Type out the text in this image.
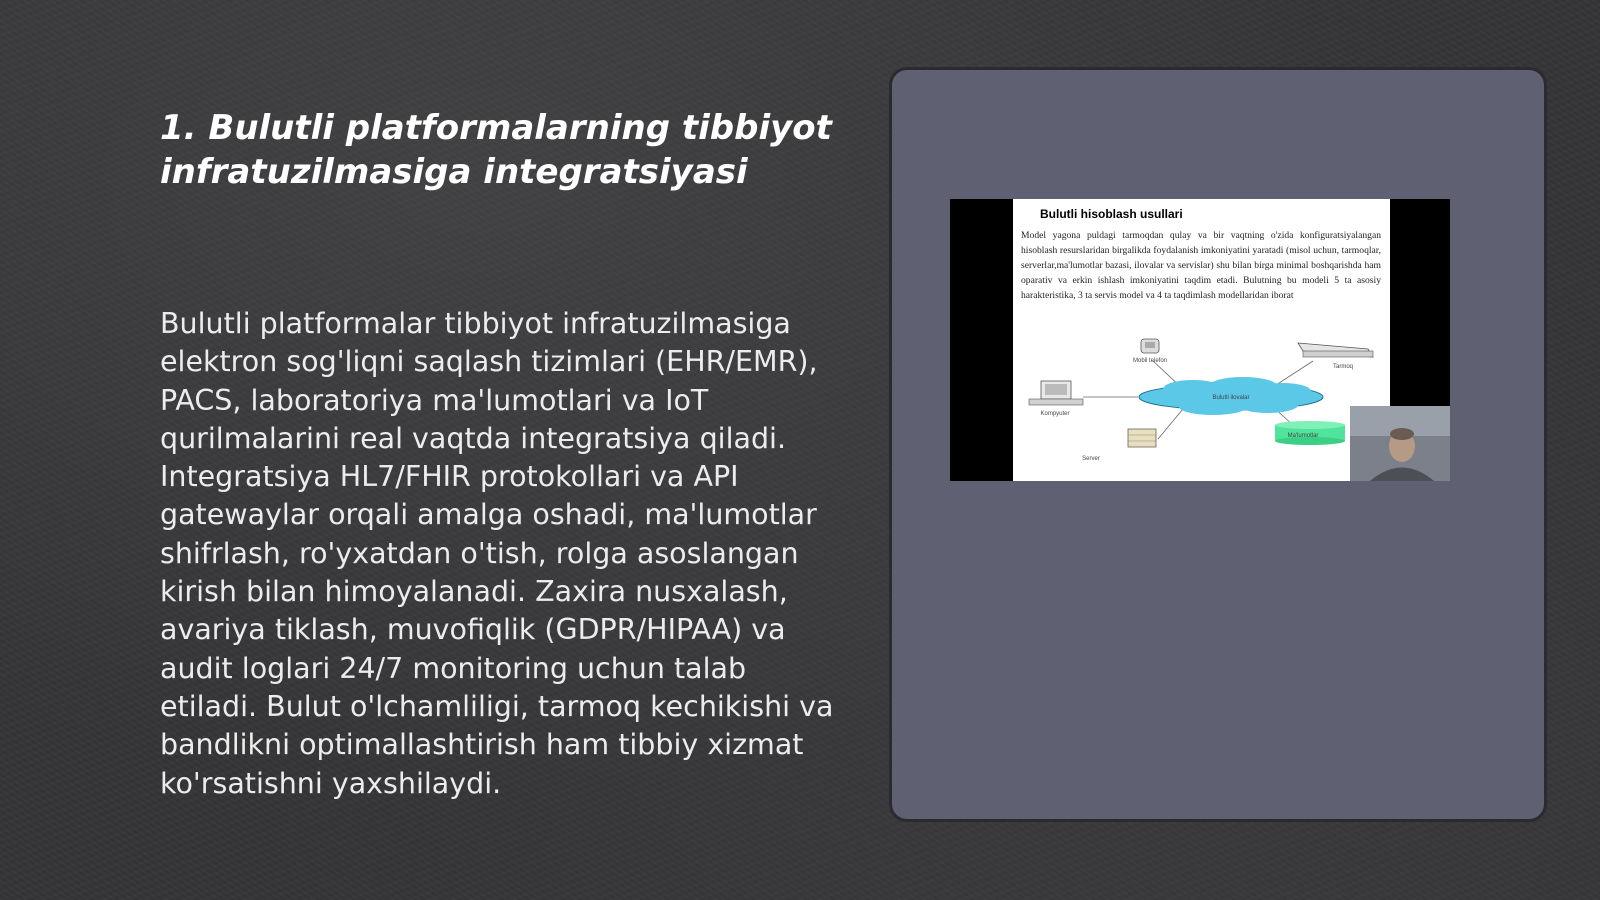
1. Bulutli platformalarning tibbiyot infratuzilmasiga integratsiyasi

Bulutli platformalar tibbiyot infratuzilmasiga elektron sog'liqni saqlash tizimlari (EHR/EMR), PACS, laboratoriya ma'lumotlari va IoT qurilmalarini real vaqtda integratsiya qiladi. Integratsiya HL7/FHIR protokollari va API gatewaylar orqali amalga oshadi, ma'lumotlar shifrlash, ro'yxatdan o'tish, rolga asoslangan kirish bilan himoyalanadi. Zaxira nusxalash, avariya tiklash, muvofiqlik (GDPR/HIPAA) va audit loglari 24/7 monitoring uchun talab etiladi. Bulut o'lchamliligi, tarmoq kechikishi va bandlikni optimallashtirish ham tibbiy xizmat ko'rsatishni yaxshilaydi.

Bulutli hisoblash usullari
Model yagona puldagi tarmoqdan qulay va bir vaqtning o'zida konfiguratsiyalangan hisoblash resurslaridan birgalikda foydalanish imkoniyatini yaratadi (misol uchun, tarmoqlar, serverlar,ma'lumotlar bazasi, ilovalar va servislar) shu bilan birga minimal boshqarishda ham oparativ va erkin ishlash imkoniyatini taqdim etadi. Bulutning bu modeli 5 ta asosiy harakteristika, 3 ta servis model va 4 ta taqdimlash modellaridan iborat
Bulutli ilovalar
Mobil telefon
Tarmoq
Kompyuter
Server
Ma'lumotlar
